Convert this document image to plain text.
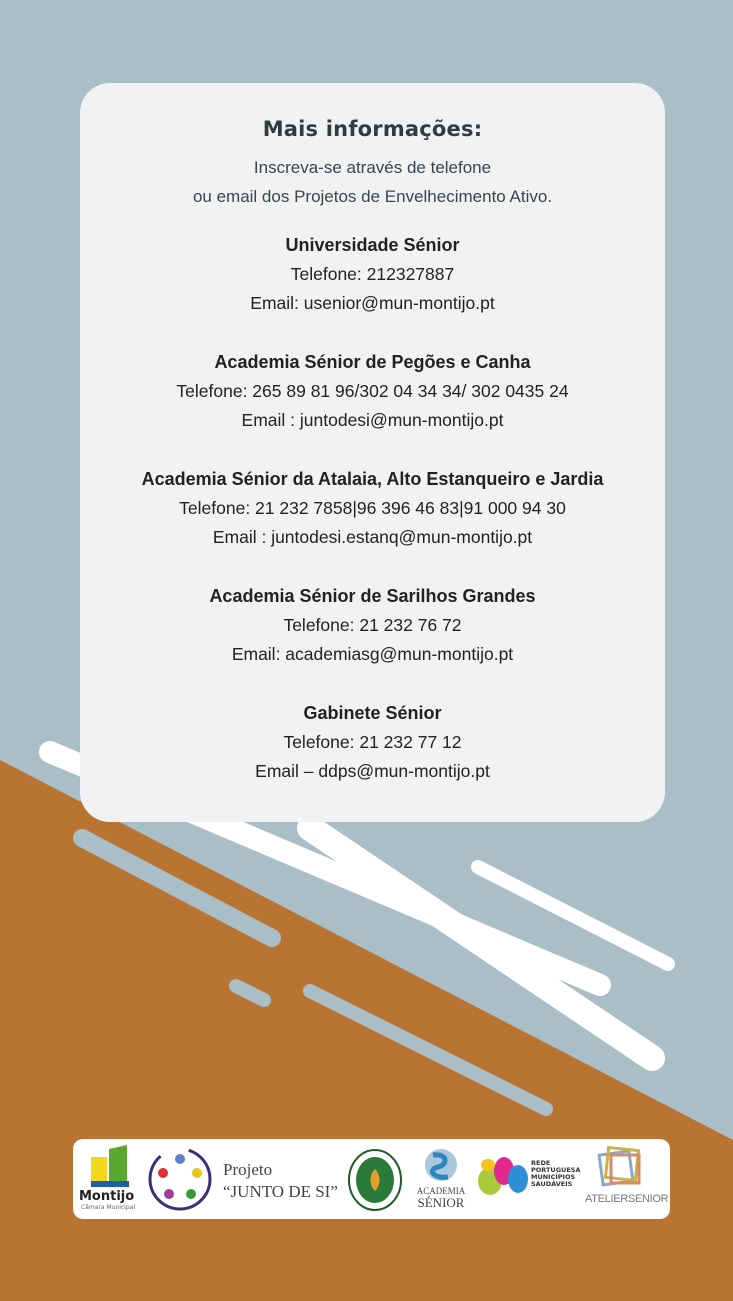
Mais informações:
Inscreva-se através de telefone
ou email dos Projetos de Envelhecimento Ativo.
Universidade Sénior
Telefone: 212327887
Email: usenior@mun-montijo.pt
Academia Sénior de Pegões e Canha
Telefone: 265 89 81 96/302 04 34 34/ 302 0435 24
Email : juntodesi@mun-montijo.pt
Academia Sénior da Atalaia, Alto Estanqueiro e Jardia
Telefone: 21 232 7858|96 396 46 83|91 000 94 30
Email : juntodesi.estanq@mun-montijo.pt
Academia Sénior de Sarilhos Grandes
Telefone: 21 232 76 72
Email: academiasg@mun-montijo.pt
Gabinete Sénior
Telefone: 21 232 77 12
Email – ddps@mun-montijo.pt
Montijo
Câmara Municipal
Projeto
“JUNTO DE SI”	ACADEMIA
SÉNIOR
REDE
PORTUGUESA
MUNICÍPIOS
SAUDÁVEIS
ATELIERSENIOR
